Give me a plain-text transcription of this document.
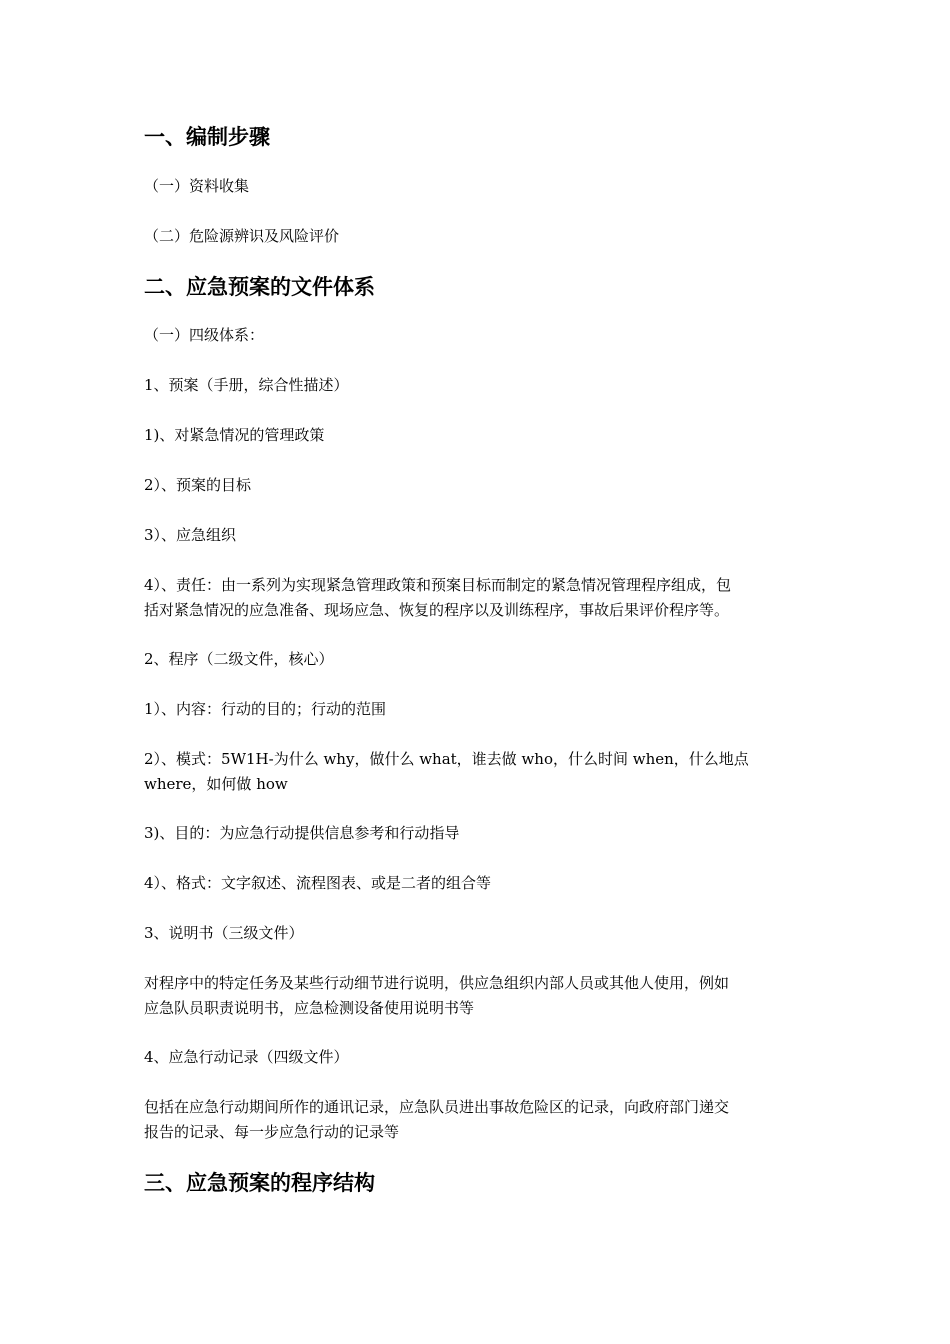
一、编制步骤
（一）资料收集
（二）危险源辨识及风险评价
二、应急预案的文件体系
（一）四级体系：
1、预案（手册，综合性描述）
1)、对紧急情况的管理政策
2）、预案的目标
3）、应急组织
4）、责任：由一系列为实现紧急管理政策和预案目标而制定的紧急情况管理程序组成，包
括对紧急情况的应急准备、现场应急、恢复的程序以及训练程序，事故后果评价程序等。
2、程序（二级文件，核心）
1）、内容：行动的目的；行动的范围
2）、模式：5W1H-为什么 why，做什么 what，谁去做 who，什么时间 when，什么地点
where，如何做 how
3)、目的：为应急行动提供信息参考和行动指导
4）、格式：文字叙述、流程图表、或是二者的组合等
3、说明书（三级文件）
对程序中的特定任务及某些行动细节进行说明，供应急组织内部人员或其他人使用，例如
应急队员职责说明书，应急检测设备使用说明书等
4、应急行动记录（四级文件）
包括在应急行动期间所作的通讯记录，应急队员进出事故危险区的记录，向政府部门递交
报告的记录、每一步应急行动的记录等
三、应急预案的程序结构
